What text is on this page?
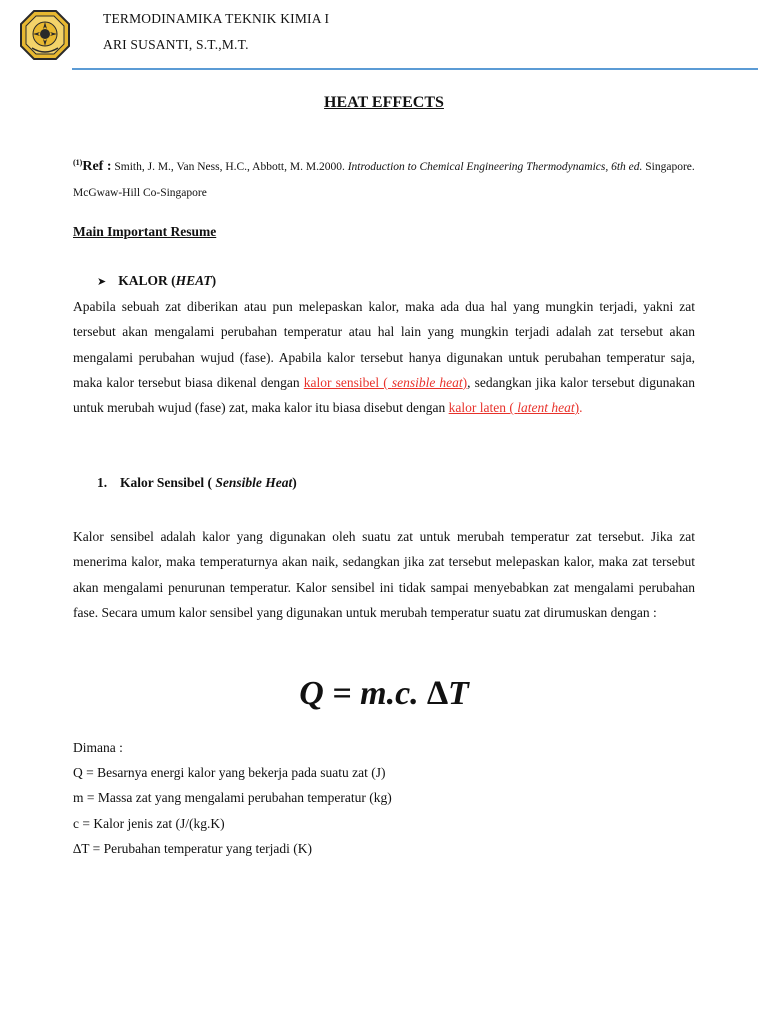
TERMODINAMIKA TEKNIK KIMIA I
ARI SUSANTI, S.T.,M.T.
HEAT EFFECTS
$^{(1)}$Ref : Smith, J. M., Van Ness, H.C., Abbott, M. M.2000. Introduction to Chemical Engineering Thermodynamics, 6th ed. Singapore. McGwaw-Hill Co-Singapore
Main Important Resume
➤ KALOR (HEAT)
Apabila sebuah zat diberikan atau pun melepaskan kalor, maka ada dua hal yang mungkin terjadi, yakni zat tersebut akan mengalami perubahan temperatur atau hal lain yang mungkin terjadi adalah zat tersebut akan mengalami perubahan wujud (fase). Apabila kalor tersebut hanya digunakan untuk perubahan temperatur saja, maka kalor tersebut biasa dikenal dengan kalor sensibel ( sensible heat), sedangkan jika kalor tersebut digunakan untuk merubah wujud (fase) zat, maka kalor itu biasa disebut dengan kalor laten ( latent heat).
1. Kalor Sensibel ( Sensible Heat)
Kalor sensibel adalah kalor yang digunakan oleh suatu zat untuk merubah temperatur zat tersebut. Jika zat menerima kalor, maka temperaturnya akan naik, sedangkan jika zat tersebut melepaskan kalor, maka zat tersebut akan mengalami penurunan temperatur. Kalor sensibel ini tidak sampai menyebabkan zat mengalami perubahan fase. Secara umum kalor sensibel yang digunakan untuk merubah temperatur suatu zat dirumuskan dengan :
Q = m.c. ∆T
Dimana :
Q = Besarnya energi kalor yang bekerja pada suatu zat (J)
m = Massa zat yang mengalami perubahan temperatur (kg)
c = Kalor jenis zat (J/(kg.K)
∆T = Perubahan temperatur yang terjadi (K)
